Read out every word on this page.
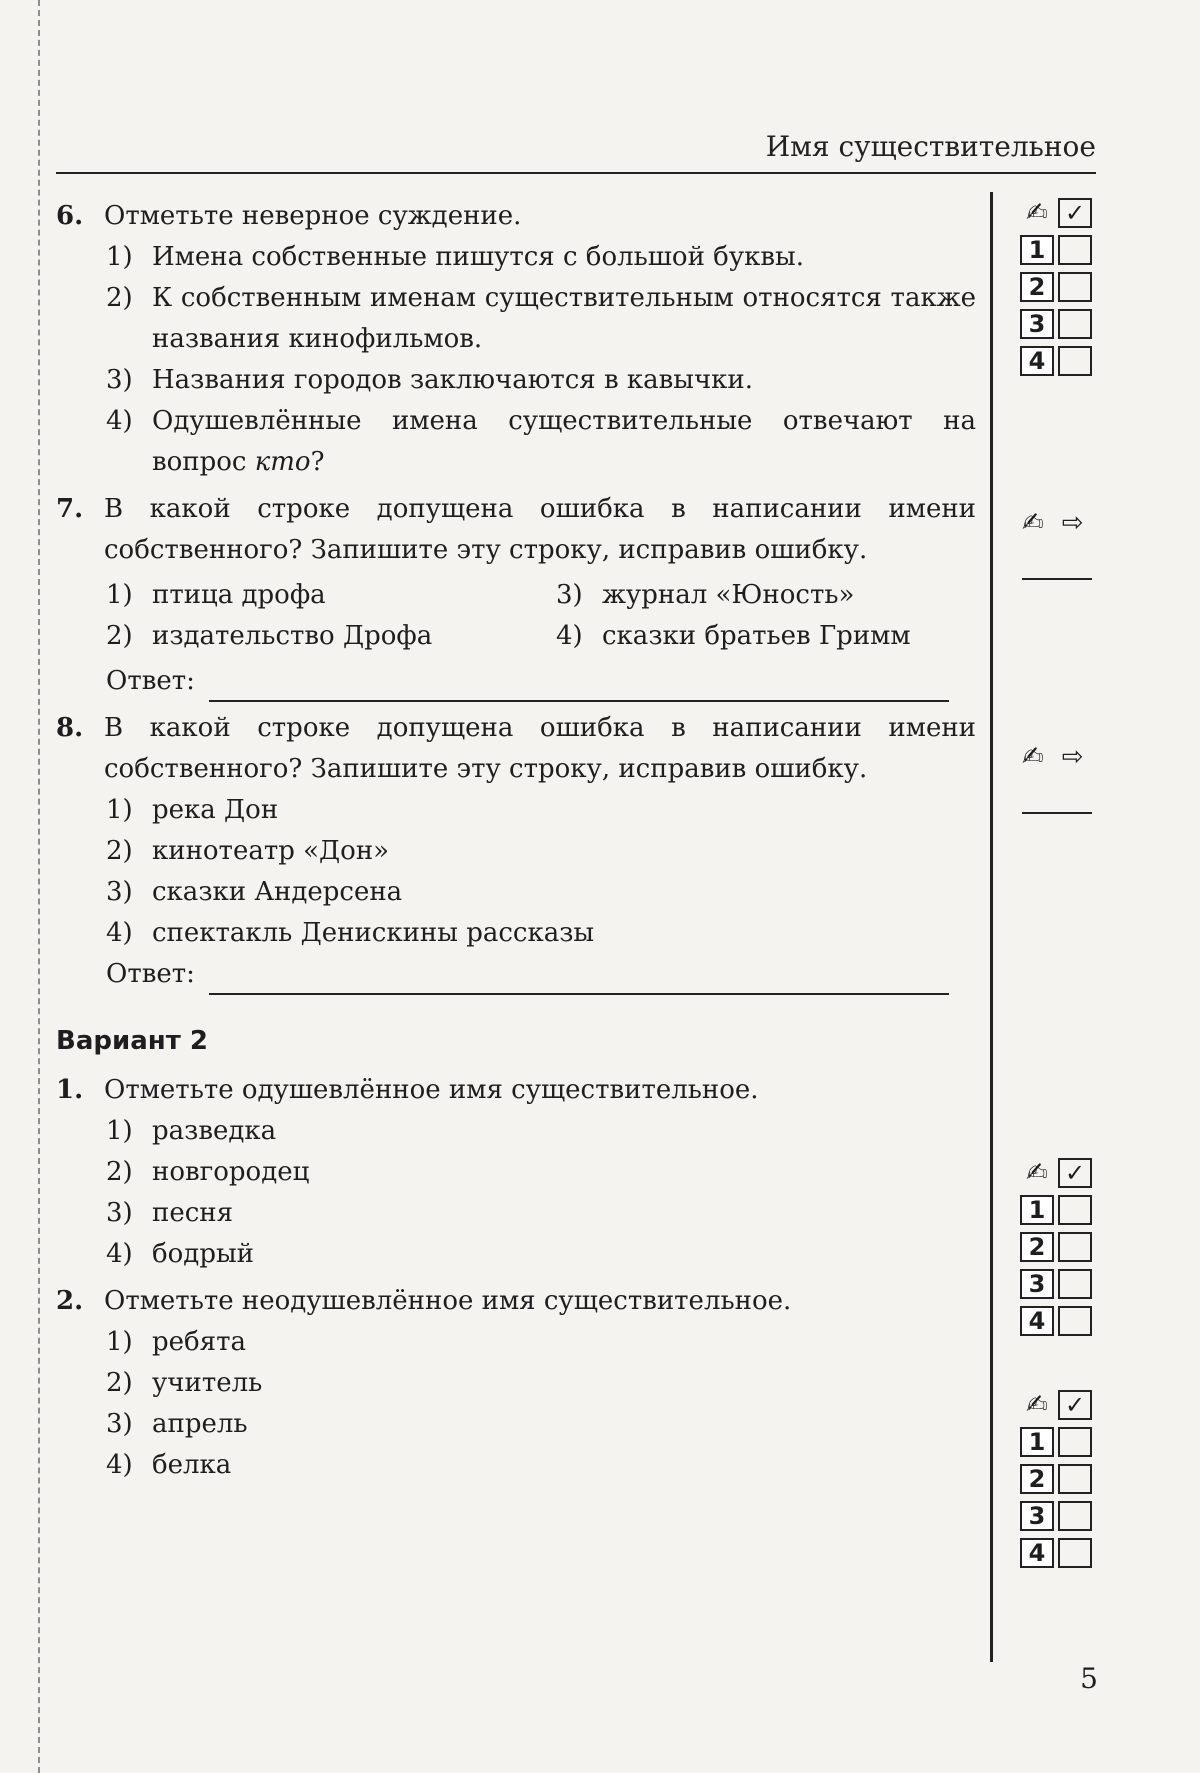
Имя существительное
6. Отметьте неверное суждение.
1) Имена собственные пишутся с большой буквы.
2) К собственным именам существительным относятся также названия кинофильмов.
3) Названия городов заключаются в кавычки.
4) Одушевлённые имена существительные отвечают на вопрос кто?
7. В какой строке допущена ошибка в написании имени собственного? Запишите эту строку, исправив ошибку.
1) птица дрофа	3) журнал «Юность»
2) издательство Дрофа	4) сказки братьев Гримм
Ответ:
8. В какой строке допущена ошибка в написании имени собственного? Запишите эту строку, исправив ошибку.
1) река Дон
2) кинотеатр «Дон»
3) сказки Андерсена
4) спектакль Денискины рассказы
Ответ:
Вариант 2
1. Отметьте одушевлённое имя существительное.
1) разведка
2) новгородец
3) песня
4) бодрый
2. Отметьте неодушевлённое имя существительное.
1) ребята
2) учитель
3) апрель
4) белка
✍ ✓
1
2
3
4
✍ ⇨
✍ ⇨
✍ ✓
1
2
3
4
✍ ✓
1
2
3
4
5
